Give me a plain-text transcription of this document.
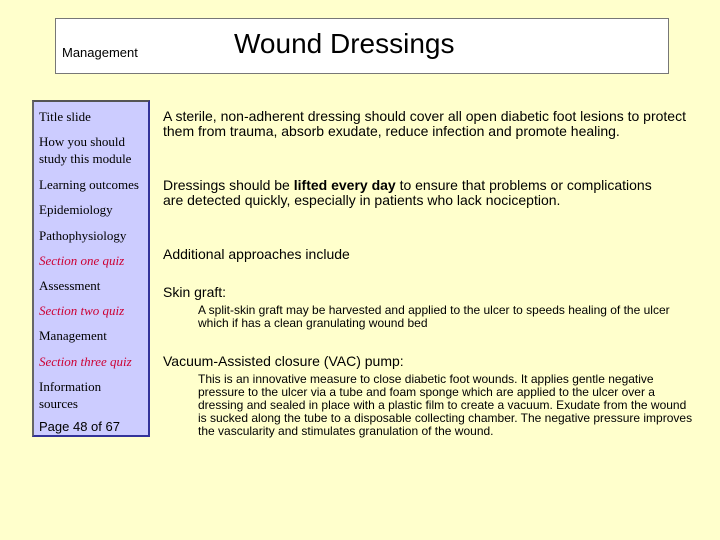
Management	Wound Dressings
Title slide
How you should study this module
Learning outcomes
Epidemiology
Pathophysiology
Section one quiz
Assessment
Section two quiz
Management
Section three quiz
Information sources
Page 48 of 67
A sterile, non-adherent dressing should cover all open diabetic foot lesions to protect them from trauma, absorb exudate, reduce infection and promote healing.
Dressings should be lifted every day to ensure that problems or complications are detected quickly, especially in patients who lack nociception.
Additional approaches include
Skin graft:
A split-skin graft may be harvested and applied to the ulcer to speeds healing of the ulcer which if has a clean granulating wound bed
Vacuum-Assisted closure (VAC) pump:
This is an innovative measure to close diabetic foot wounds. It applies gentle negative pressure to the ulcer via a tube and foam sponge which are applied to the ulcer over a dressing and sealed in place with a plastic film to create a vacuum. Exudate from the wound is sucked along the tube to a disposable collecting chamber. The negative pressure improves the vascularity and stimulates granulation of the wound.
